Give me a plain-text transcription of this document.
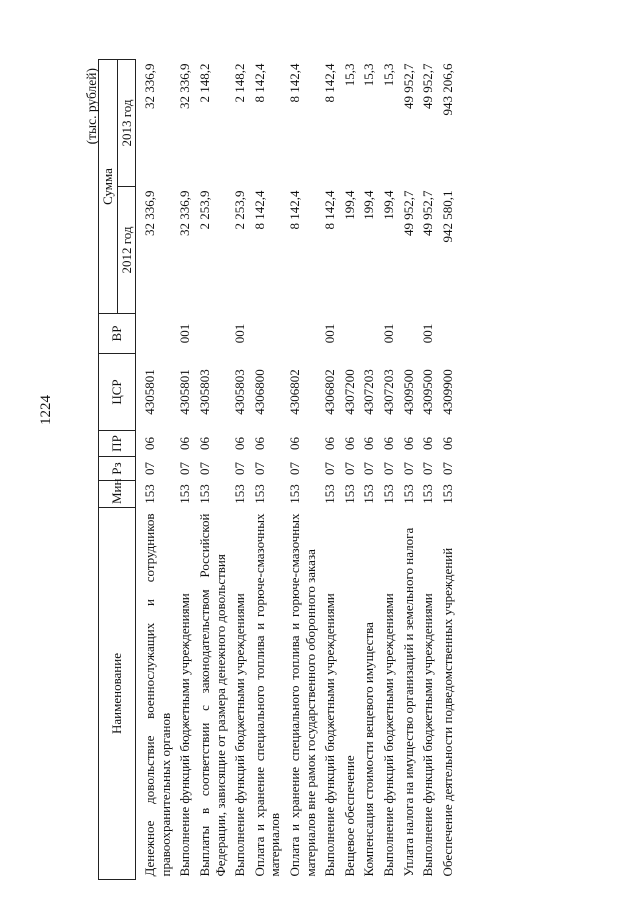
1224
(тыс. рублей)
Наименование	Мин	Рз	ПР	ЦСР	ВР	Сумма	
						2012 год	2013 год
Денежное довольствие военнослужащих и сотрудников правоохранительных органов	153	07	06	4305801		32 336,9	32 336,9
Выполнение функций бюджетными учреждениями	153	07	06	4305801	001	32 336,9	32 336,9
Выплаты в соответствии с законодательством Российской Федерации, зависящие от размера денежного довольствия	153	07	06	4305803		2 253,9	2 148,2
Выполнение функций бюджетными учреждениями	153	07	06	4305803	001	2 253,9	2 148,2
Оплата и хранение специального топлива и горюче-смазочных материалов	153	07	06	4306800		8 142,4	8 142,4
Оплата и хранение специального топлива и горюче-смазочных материалов вне рамок государственного оборонного заказа	153	07	06	4306802		8 142,4	8 142,4
Выполнение функций бюджетными учреждениями	153	07	06	4306802	001	8 142,4	8 142,4
Вещевое обеспечение	153	07	06	4307200		199,4	15,3
Компенсация стоимости вещевого имущества	153	07	06	4307203		199,4	15,3
Выполнение функций бюджетными учреждениями	153	07	06	4307203	001	199,4	15,3
Уплата налога на имущество организаций и земельного налога	153	07	06	4309500		49 952,7	49 952,7
Выполнение функций бюджетными учреждениями	153	07	06	4309500	001	49 952,7	49 952,7
Обеспечение деятельности подведомственных учреждений	153	07	06	4309900		942 580,1	943 206,6
